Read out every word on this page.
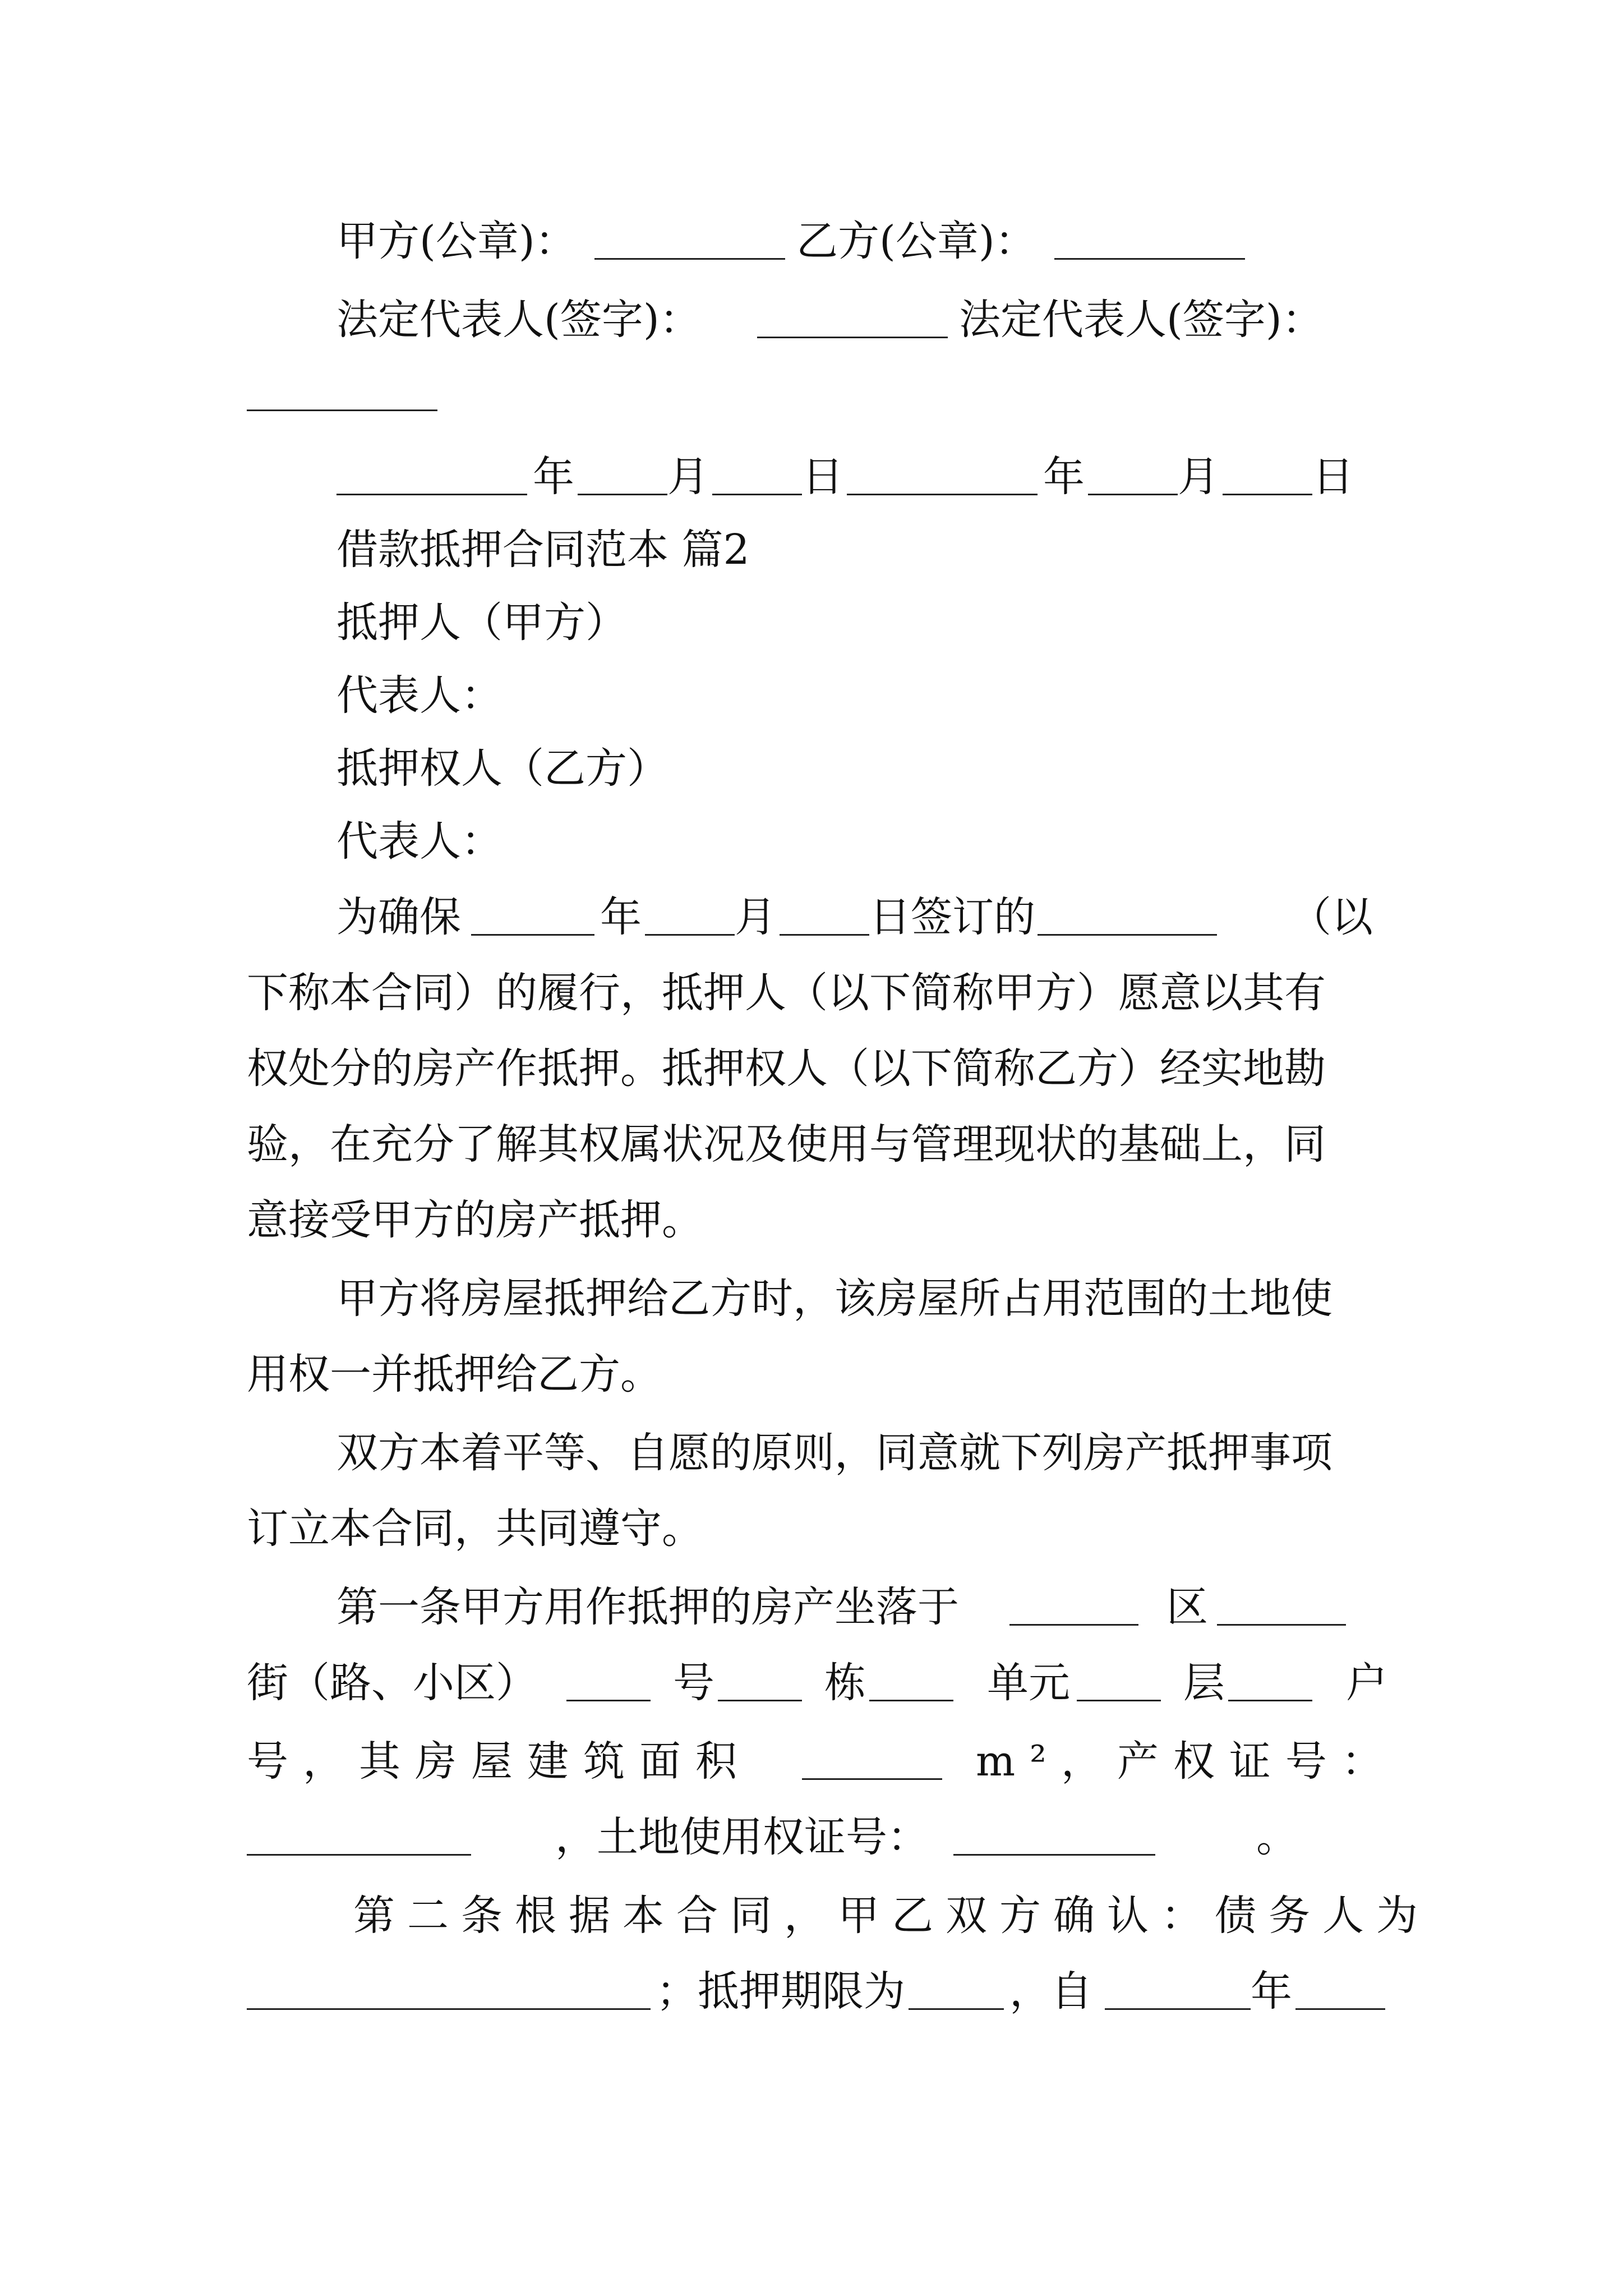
甲方(公章)：	乙方(公章)：
法定代表人(签字)：	法定代表人(签字)：
年 月 日	年 月 日
借款抵押合同范本 篇2
抵押人（甲方）
代表人：
抵押权人（乙方）
代表人：
为确保	年 月 日签订的	（以
下称本合同）的履行，抵押人（以下简称甲方）愿意以其有
权处分的房产作抵押。抵押权人（以下简称乙方）经实地勘
验，在充分了解其权属状况及使用与管理现状的基础上，同
意接受甲方的房产抵押。
甲方将房屋抵押给乙方时，该房屋所占用范围的土地使
用权一并抵押给乙方。
双方本着平等、自愿的原则，同意就下列房产抵押事项
订立本合同，共同遵守。
第一条甲方用作抵押的房产坐落于	区
街（路、小区）	号	栋	单元	层	户
号，其房屋建筑面积	m²，产权证号：
，土地使用权证号：	。
第二条根据本合同，甲乙双方确认：债务人为
；抵押期限为	，自	年
